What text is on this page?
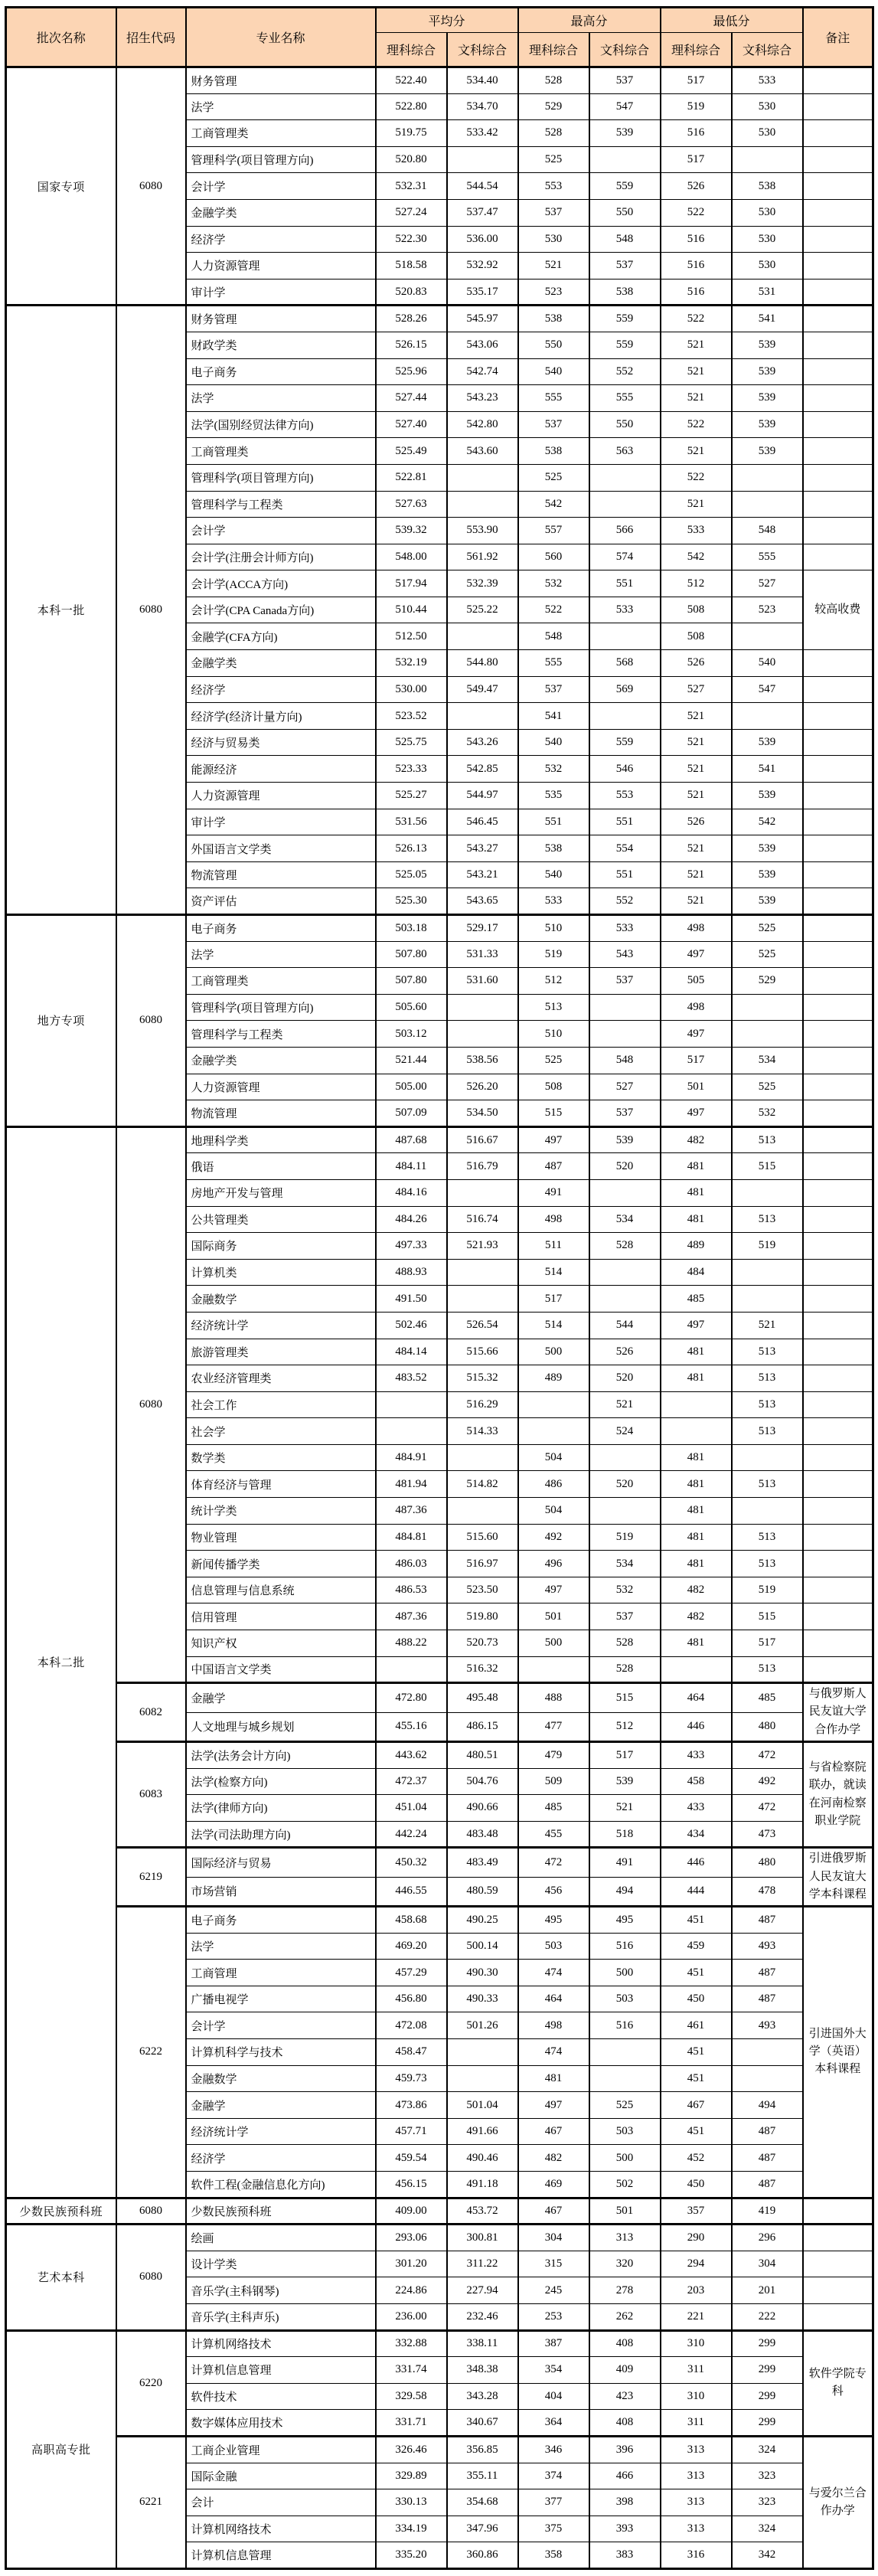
批次名称	招生代码	专业名称	平均分		最高分		最低分		备注
			理科综合	文科综合	理科综合	文科综合	理科综合	文科综合	
国家专项	6080	财务管理	522.40	534.40	528	537	517	533	
		法学	522.80	534.70	529	547	519	530	
		工商管理类	519.75	533.42	528	539	516	530	
		管理科学(项目管理方向)	520.80		525		517		
		会计学	532.31	544.54	553	559	526	538	
		金融学类	527.24	537.47	537	550	522	530	
		经济学	522.30	536.00	530	548	516	530	
		人力资源管理	518.58	532.92	521	537	516	530	
		审计学	520.83	535.17	523	538	516	531	
本科一批	6080	财务管理	528.26	545.97	538	559	522	541	
		财政学类	526.15	543.06	550	559	521	539	
		电子商务	525.96	542.74	540	552	521	539	
		法学	527.44	543.23	555	555	521	539	
		法学(国别经贸法律方向)	527.40	542.80	537	550	522	539	
		工商管理类	525.49	543.60	538	563	521	539	
		管理科学(项目管理方向)	522.81		525		522		
		管理科学与工程类	527.63		542		521		
		会计学	539.32	553.90	557	566	533	548	
		会计学(注册会计师方向)	548.00	561.92	560	574	542	555	
		会计学(ACCA方向)	517.94	532.39	532	551	512	527	较高收费
		会计学(CPA Canada方向)	510.44	525.22	522	533	508	523	
		金融学(CFA方向)	512.50		548		508		
		金融学类	532.19	544.80	555	568	526	540	
		经济学	530.00	549.47	537	569	527	547	
		经济学(经济计量方向)	523.52		541		521		
		经济与贸易类	525.75	543.26	540	559	521	539	
		能源经济	523.33	542.85	532	546	521	541	
		人力资源管理	525.27	544.97	535	553	521	539	
		审计学	531.56	546.45	551	551	526	542	
		外国语言文学类	526.13	543.27	538	554	521	539	
		物流管理	525.05	543.21	540	551	521	539	
		资产评估	525.30	543.65	533	552	521	539	
地方专项	6080	电子商务	503.18	529.17	510	533	498	525	
		法学	507.80	531.33	519	543	497	525	
		工商管理类	507.80	531.60	512	537	505	529	
		管理科学(项目管理方向)	505.60		513		498		
		管理科学与工程类	503.12		510		497		
		金融学类	521.44	538.56	525	548	517	534	
		人力资源管理	505.00	526.20	508	527	501	525	
		物流管理	507.09	534.50	515	537	497	532	
本科二批	6080	地理科学类	487.68	516.67	497	539	482	513	
		俄语	484.11	516.79	487	520	481	515	
		房地产开发与管理	484.16		491		481		
		公共管理类	484.26	516.74	498	534	481	513	
		国际商务	497.33	521.93	511	528	489	519	
		计算机类	488.93		514		484		
		金融数学	491.50		517		485		
		经济统计学	502.46	526.54	514	544	497	521	
		旅游管理类	484.14	515.66	500	526	481	513	
		农业经济管理类	483.52	515.32	489	520	481	513	
		社会工作		516.29		521		513	
		社会学		514.33		524		513	
		数学类	484.91		504		481		
		体育经济与管理	481.94	514.82	486	520	481	513	
		统计学类	487.36		504		481		
		物业管理	484.81	515.60	492	519	481	513	
		新闻传播学类	486.03	516.97	496	534	481	513	
		信息管理与信息系统	486.53	523.50	497	532	482	519	
		信用管理	487.36	519.80	501	537	482	515	
		知识产权	488.22	520.73	500	528	481	517	
		中国语言文学类		516.32		528		513	
	6082	金融学	472.80	495.48	488	515	464	485	与俄罗斯人民友谊大学合作办学
		人文地理与城乡规划	455.16	486.15	477	512	446	480	
	6083	法学(法务会计方向)	443.62	480.51	479	517	433	472	与省检察院联办，就读在河南检察职业学院
		法学(检察方向)	472.37	504.76	509	539	458	492	
		法学(律师方向)	451.04	490.66	485	521	433	472	
		法学(司法助理方向)	442.24	483.48	455	518	434	473	
	6219	国际经济与贸易	450.32	483.49	472	491	446	480	引进俄罗斯人民友谊大学本科课程
		市场营销	446.55	480.59	456	494	444	478	
	6222	电子商务	458.68	490.25	495	495	451	487	引进国外大学（英语）本科课程
		法学	469.20	500.14	503	516	459	493	
		工商管理	457.29	490.30	474	500	451	487	
		广播电视学	456.80	490.33	464	503	450	487	
		会计学	472.08	501.26	498	516	461	493	
		计算机科学与技术	458.47		474		451		
		金融数学	459.73		481		451		
		金融学	473.86	501.04	497	525	467	494	
		经济统计学	457.71	491.66	467	503	451	487	
		经济学	459.54	490.46	482	500	452	487	
		软件工程(金融信息化方向)	456.15	491.18	469	502	450	487	
少数民族预科班	6080	少数民族预科班	409.00	453.72	467	501	357	419	
艺术本科	6080	绘画	293.06	300.81	304	313	290	296	
		设计学类	301.20	311.22	315	320	294	304	
		音乐学(主科钢琴)	224.86	227.94	245	278	203	201	
		音乐学(主科声乐)	236.00	232.46	253	262	221	222	
高职高专批	6220	计算机网络技术	332.88	338.11	387	408	310	299	软件学院专科
		计算机信息管理	331.74	348.38	354	409	311	299	
		软件技术	329.58	343.28	404	423	310	299	
		数字媒体应用技术	331.71	340.67	364	408	311	299	
	6221	工商企业管理	326.46	356.85	346	396	313	324	与爱尔兰合作办学
		国际金融	329.89	355.11	374	466	313	323	
		会计	330.13	354.68	377	398	313	323	
		计算机网络技术	334.19	347.96	375	393	313	324	
		计算机信息管理	335.20	360.86	358	383	316	342	
